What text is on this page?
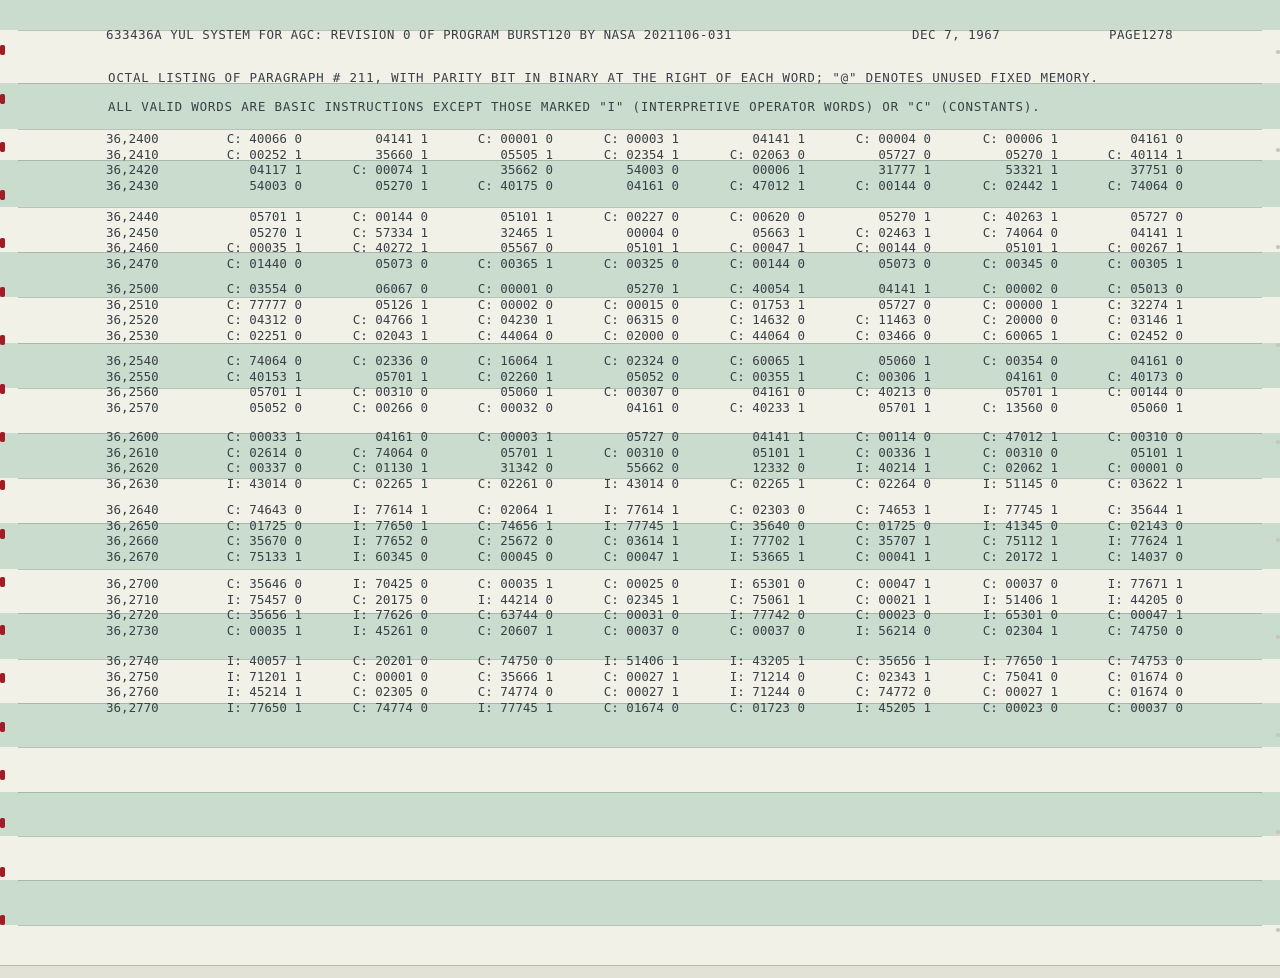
633436A YUL SYSTEM FOR AGC: REVISION 0 OF PROGRAM BURST120 BY NASA 2021106-031	DEC 7, 1967	PAGE1278
OCTAL LISTING OF PARAGRAPH # 211, WITH PARITY BIT IN BINARY AT THE RIGHT OF EACH WORD; "@" DENOTES UNUSED FIXED MEMORY.
ALL VALID WORDS ARE BASIC INSTRUCTIONS EXCEPT THOSE MARKED "I" (INTERPRETIVE OPERATOR WORDS) OR "C" (CONSTANTS).
36,2400	C: 40066 0	04141 1	C: 00001 0	C: 00003 1	04141 1	C: 00004 0	C: 00006 1	04161 0
36,2410	C: 00252 1	35660 1	05505 1	C: 02354 1	C: 02063 0	05727 0	05270 1	C: 40114 1
36,2420	04117 1	C: 00074 1	35662 0	54003 0	00006 1	31777 1	53321 1	37751 0
36,2430	54003 0	05270 1	C: 40175 0	04161 0	C: 47012 1	C: 00144 0	C: 02442 1	C: 74064 0
36,2440	05701 1	C: 00144 0	05101 1	C: 00227 0	C: 00620 0	05270 1	C: 40263 1	05727 0
36,2450	05270 1	C: 57334 1	32465 1	00004 0	05663 1	C: 02463 1	C: 74064 0	04141 1
36,2460	C: 00035 1	C: 40272 1	05567 0	05101 1	C: 00047 1	C: 00144 0	05101 1	C: 00267 1
36,2470	C: 01440 0	05073 0	C: 00365 1	C: 00325 0	C: 00144 0	05073 0	C: 00345 0	C: 00305 1
36,2500	C: 03554 0	06067 0	C: 00001 0	05270 1	C: 40054 1	04141 1	C: 00002 0	C: 05013 0
36,2510	C: 77777 0	05126 1	C: 00002 0	C: 00015 0	C: 01753 1	05727 0	C: 00000 1	C: 32274 1
36,2520	C: 04312 0	C: 04766 1	C: 04230 1	C: 06315 0	C: 14632 0	C: 11463 0	C: 20000 0	C: 03146 1
36,2530	C: 02251 0	C: 02043 1	C: 44064 0	C: 02000 0	C: 44064 0	C: 03466 0	C: 60065 1	C: 02452 0
36,2540	C: 74064 0	C: 02336 0	C: 16064 1	C: 02324 0	C: 60065 1	05060 1	C: 00354 0	04161 0
36,2550	C: 40153 1	05701 1	C: 02260 1	05052 0	C: 00355 1	C: 00306 1	04161 0	C: 40173 0
36,2560	05701 1	C: 00310 0	05060 1	C: 00307 0	04161 0	C: 40213 0	05701 1	C: 00144 0
36,2570	05052 0	C: 00266 0	C: 00032 0	04161 0	C: 40233 1	05701 1	C: 13560 0	05060 1
36,2600	C: 00033 1	04161 0	C: 00003 1	05727 0	04141 1	C: 00114 0	C: 47012 1	C: 00310 0
36,2610	C: 02614 0	C: 74064 0	05701 1	C: 00310 0	05101 1	C: 00336 1	C: 00310 0	05101 1
36,2620	C: 00337 0	C: 01130 1	31342 0	55662 0	12332 0	I: 40214 1	C: 02062 1	C: 00001 0
36,2630	I: 43014 0	C: 02265 1	C: 02261 0	I: 43014 0	C: 02265 1	C: 02264 0	I: 51145 0	C: 03622 1
36,2640	C: 74643 0	I: 77614 1	C: 02064 1	I: 77614 1	C: 02303 0	C: 74653 1	I: 77745 1	C: 35644 1
36,2650	C: 01725 0	I: 77650 1	C: 74656 1	I: 77745 1	C: 35640 0	C: 01725 0	I: 41345 0	C: 02143 0
36,2660	C: 35670 0	I: 77652 0	C: 25672 0	C: 03614 1	I: 77702 1	C: 35707 1	C: 75112 1	I: 77624 1
36,2670	C: 75133 1	I: 60345 0	C: 00045 0	C: 00047 1	I: 53665 1	C: 00041 1	C: 20172 1	C: 14037 0
36,2700	C: 35646 0	I: 70425 0	C: 00035 1	C: 00025 0	I: 65301 0	C: 00047 1	C: 00037 0	I: 77671 1
36,2710	I: 75457 0	C: 20175 0	I: 44214 0	C: 02345 1	C: 75061 1	C: 00021 1	I: 51406 1	I: 44205 0
36,2720	C: 35656 1	I: 77626 0	C: 63744 0	C: 00031 0	I: 77742 0	C: 00023 0	I: 65301 0	C: 00047 1
36,2730	C: 00035 1	I: 45261 0	C: 20607 1	C: 00037 0	C: 00037 0	I: 56214 0	C: 02304 1	C: 74750 0
36,2740	I: 40057 1	C: 20201 0	C: 74750 0	I: 51406 1	I: 43205 1	C: 35656 1	I: 77650 1	C: 74753 0
36,2750	I: 71201 1	C: 00001 0	C: 35666 1	C: 00027 1	I: 71214 0	C: 02343 1	C: 75041 0	C: 01674 0
36,2760	I: 45214 1	C: 02305 0	C: 74774 0	C: 00027 1	I: 71244 0	C: 74772 0	C: 00027 1	C: 01674 0
36,2770	I: 77650 1	C: 74774 0	I: 77745 1	C: 01674 0	C: 01723 0	I: 45205 1	C: 00023 0	C: 00037 0
